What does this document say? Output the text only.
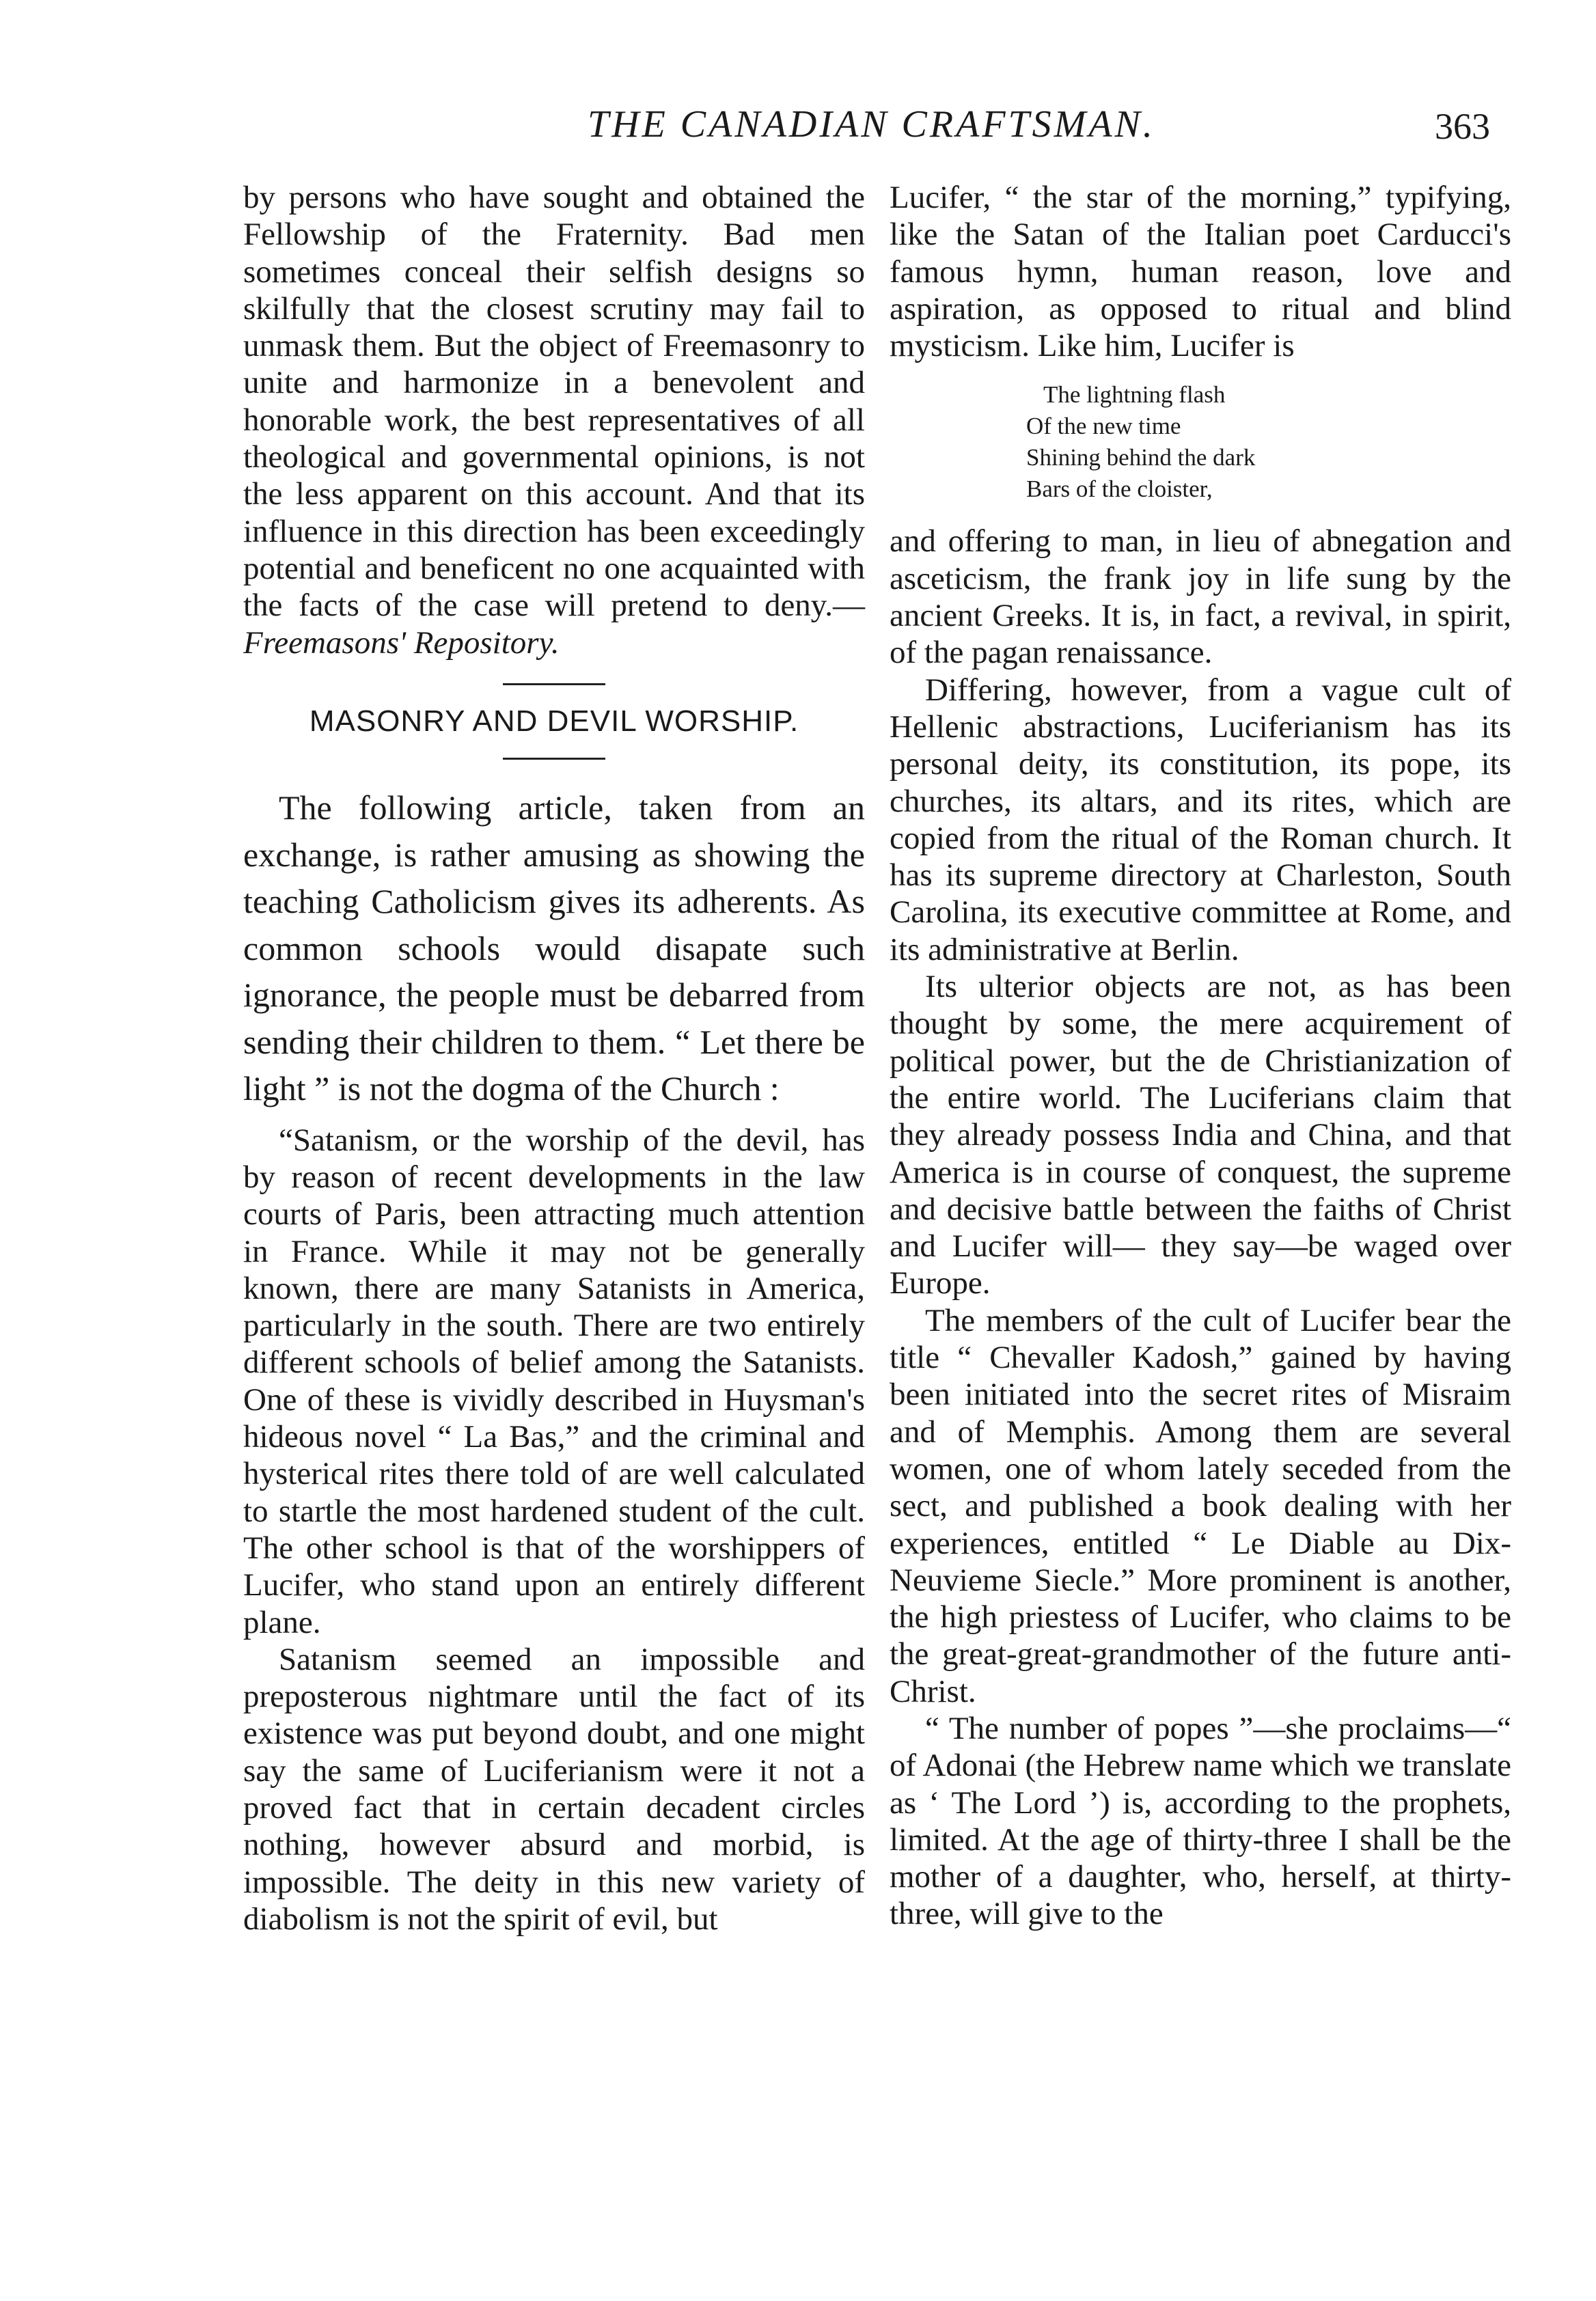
THE CANADIAN CRAFTSMAN.	363

by persons who have sought and obtained the Fellowship of the Fraternity. Bad men sometimes conceal their selfish designs so skilfully that the closest scrutiny may fail to unmask them. But the object of Freemasonry to unite and harmonize in a benevolent and honorable work, the best representatives of all theological and governmental opinions, is not the less apparent on this account. And that its influence in this direction has been exceedingly potential and beneficent no one acquainted with the facts of the case will pretend to deny.—Freemasons' Repository.

MASONRY AND DEVIL WORSHIP.

The following article, taken from an exchange, is rather amusing as showing the teaching Catholicism gives its adherents. As common schools would disapate such ignorance, the people must be debarred from sending their children to them. “ Let there be light ” is not the dogma of the Church :

“Satanism, or the worship of the devil, has by reason of recent developments in the law courts of Paris, been attracting much attention in France. While it may not be generally known, there are many Satanists in America, particularly in the south. There are two entirely different schools of belief among the Satanists. One of these is vividly described in Huysman's hideous novel “ La Bas,” and the criminal and hysterical rites there told of are well calculated to startle the most hardened student of the cult. The other school is that of the worshippers of Lucifer, who stand upon an entirely different plane.

Satanism seemed an impossible and preposterous nightmare until the fact of its existence was put beyond doubt, and one might say the same of Luciferianism were it not a proved fact that in certain decadent circles nothing, however absurd and morbid, is impossible. The deity in this new variety of diabolism is not the spirit of evil, but

Lucifer, “ the star of the morning,” typifying, like the Satan of the Italian poet Carducci's famous hymn, human reason, love and aspiration, as opposed to ritual and blind mysticism. Like him, Lucifer is

The lightning flash
Of the new time
Shining behind the dark
Bars of the cloister,

and offering to man, in lieu of abnegation and asceticism, the frank joy in life sung by the ancient Greeks. It is, in fact, a revival, in spirit, of the pagan renaissance.

Differing, however, from a vague cult of Hellenic abstractions, Luciferianism has its personal deity, its constitution, its pope, its churches, its altars, and its rites, which are copied from the ritual of the Roman church. It has its supreme directory at Charleston, South Carolina, its executive committee at Rome, and its administrative at Berlin.

Its ulterior objects are not, as has been thought by some, the mere acquirement of political power, but the de Christianization of the entire world. The Luciferians claim that they already possess India and China, and that America is in course of conquest, the supreme and decisive battle between the faiths of Christ and Lucifer will— they say—be waged over Europe.

The members of the cult of Lucifer bear the title “ Chevaller Kadosh,” gained by having been initiated into the secret rites of Misraim and of Memphis. Among them are several women, one of whom lately seceded from the sect, and published a book dealing with her experiences, entitled “ Le Diable au Dix-Neuvieme Siecle.” More prominent is another, the high priestess of Lucifer, who claims to be the great-great-grandmother of the future anti-Christ.

“ The number of popes ”—she proclaims—“ of Adonai (the Hebrew name which we translate as ‘ The Lord ’) is, according to the prophets, limited. At the age of thirty-three I shall be the mother of a daughter, who, herself, at thirty-three, will give to the
